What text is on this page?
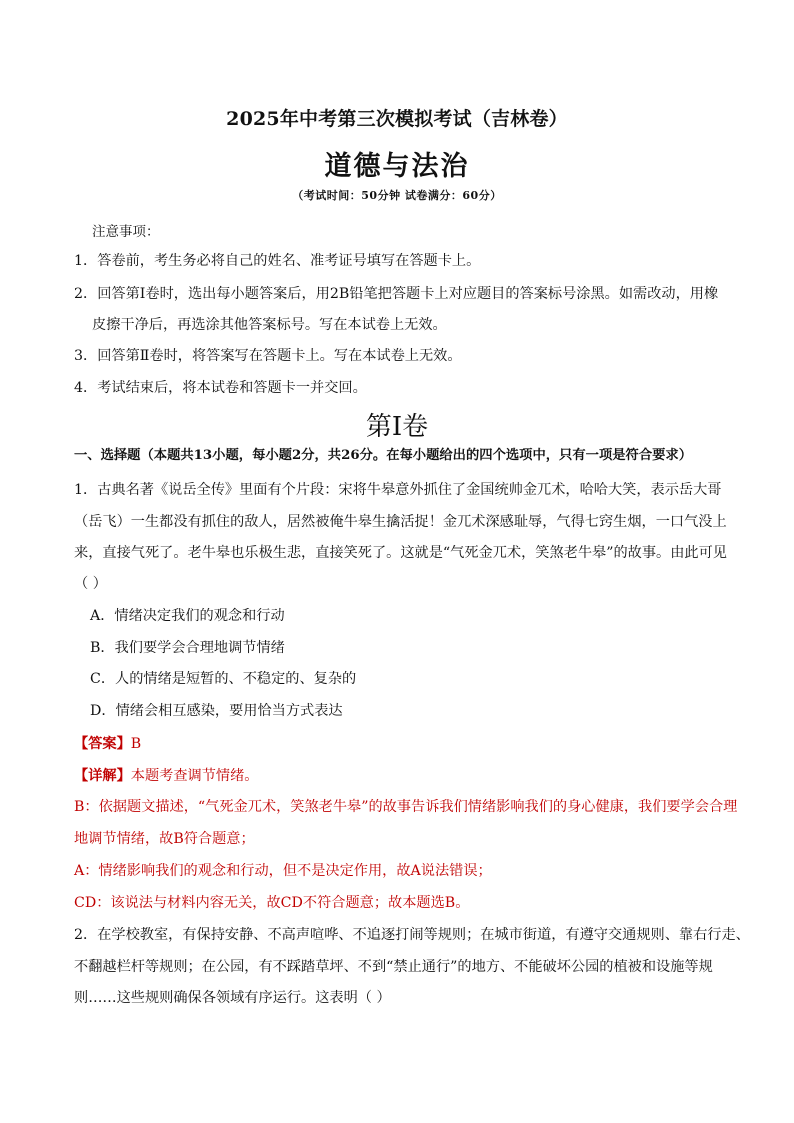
2025年中考第三次模拟考试（吉林卷）
道德与法治
（考试时间：50分钟 试卷满分：60分）
注意事项：
1．答卷前，考生务必将自己的姓名、准考证号填写在答题卡上。
2．回答第Ⅰ卷时，选出每小题答案后，用2B铅笔把答题卡上对应题目的答案标号涂黑。如需改动，用橡
皮擦干净后，再选涂其他答案标号。写在本试卷上无效。
3．回答第Ⅱ卷时，将答案写在答题卡上。写在本试卷上无效。
4．考试结束后，将本试卷和答题卡一并交回。
第Ⅰ卷
一、选择题（本题共13小题，每小题2分，共26分。在每小题给出的四个选项中，只有一项是符合要求）
1．古典名著《说岳全传》里面有个片段：宋将牛皋意外抓住了金国统帅金兀术，哈哈大笑，表示岳大哥
（岳飞）一生都没有抓住的敌人，居然被俺牛皋生擒活捉！金兀术深感耻辱，气得七窍生烟，一口气没上
来，直接气死了。老牛皋也乐极生悲，直接笑死了。这就是“气死金兀术，笑煞老牛皋”的故事。由此可见
（ ）
A．情绪决定我们的观念和行动
B．我们要学会合理地调节情绪
C．人的情绪是短暂的、不稳定的、复杂的
D．情绪会相互感染，要用恰当方式表达
【答案】B
【详解】本题考查调节情绪。
B：依据题文描述，“气死金兀术，笑煞老牛皋”的故事告诉我们情绪影响我们的身心健康，我们要学会合理
地调节情绪，故B符合题意；
A：情绪影响我们的观念和行动，但不是决定作用，故A说法错误；
CD：该说法与材料内容无关，故CD不符合题意；故本题选B。
2．在学校教室，有保持安静、不高声喧哗、不追逐打闹等规则；在城市街道，有遵守交通规则、靠右行走、
不翻越栏杆等规则；在公园，有不踩踏草坪、不到“禁止通行”的地方、不能破坏公园的植被和设施等规
则……这些规则确保各领域有序运行。这表明（ ）
